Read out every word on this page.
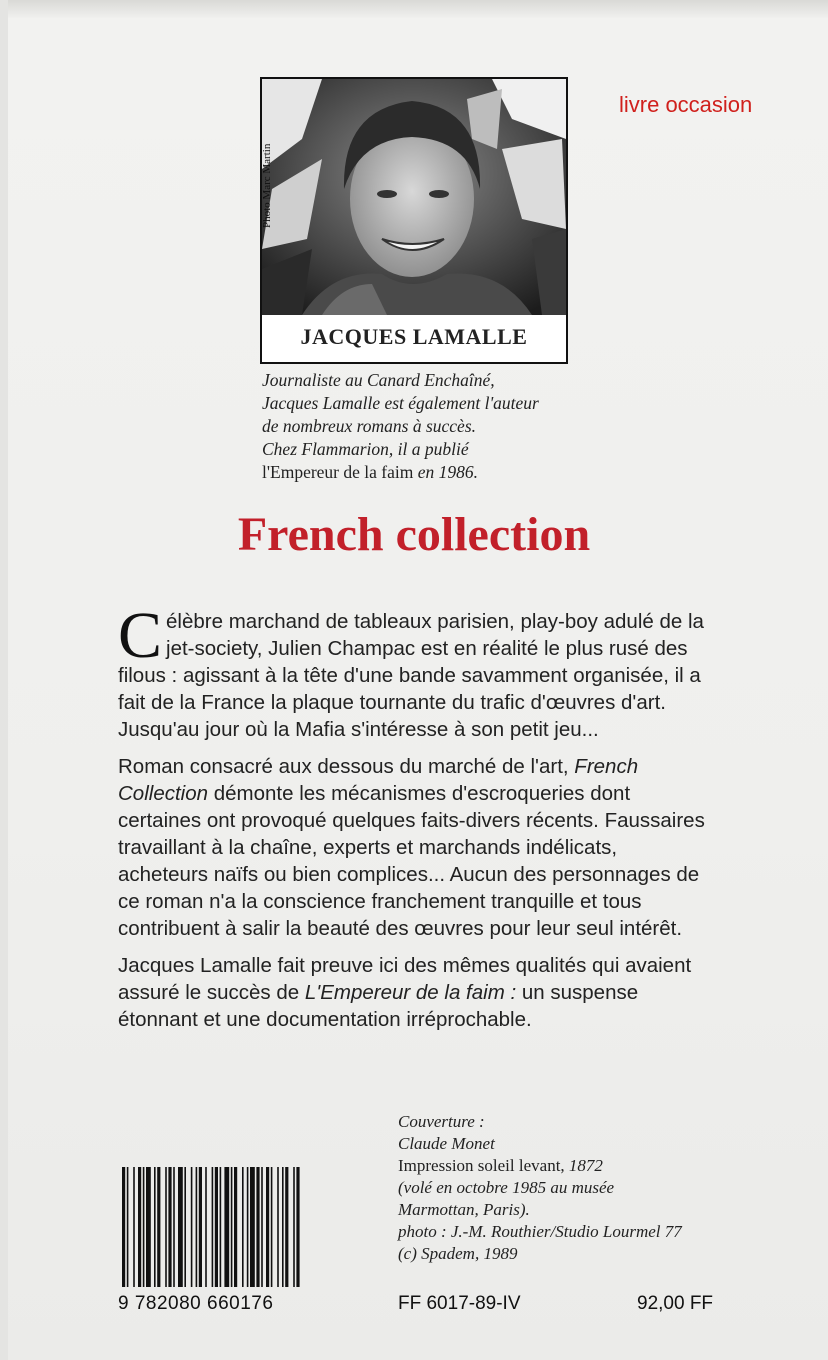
livre occasion
JACQUES LAMALLE
Photo Marc Martin
Journaliste au Canard Enchaîné,
Jacques Lamalle est également l'auteur
de nombreux romans à succès.
Chez Flammarion, il a publié
l'Empereur de la faim en 1986.
French collection

Célèbre marchand de tableaux parisien, play-boy adulé de la jet-society, Julien Champac est en réalité le plus rusé des filous : agissant à la tête d'une bande savamment organisée, il a fait de la France la plaque tournante du trafic d'œuvres d'art. Jusqu'au jour où la Mafia s'intéresse à son petit jeu...

Roman consacré aux dessous du marché de l'art, French Collection démonte les mécanismes d'escroqueries dont certaines ont provoqué quelques faits-divers récents. Faussaires travaillant à la chaîne, experts et marchands indélicats, acheteurs naïfs ou bien complices... Aucun des personnages de ce roman n'a la conscience franchement tranquille et tous contribuent à salir la beauté des œuvres pour leur seul intérêt.

Jacques Lamalle fait preuve ici des mêmes qualités qui avaient assuré le succès de L'Empereur de la faim : un suspense étonnant et une documentation irréprochable.

Couverture :
Claude Monet
Impression soleil levant, 1872
(volé en octobre 1985 au musée
Marmottan, Paris).
photo : J.-M. Routhier/Studio Lourmel 77
(c) Spadem, 1989
9 782080 660176	FF 6017-89-IV	92,00 FF
